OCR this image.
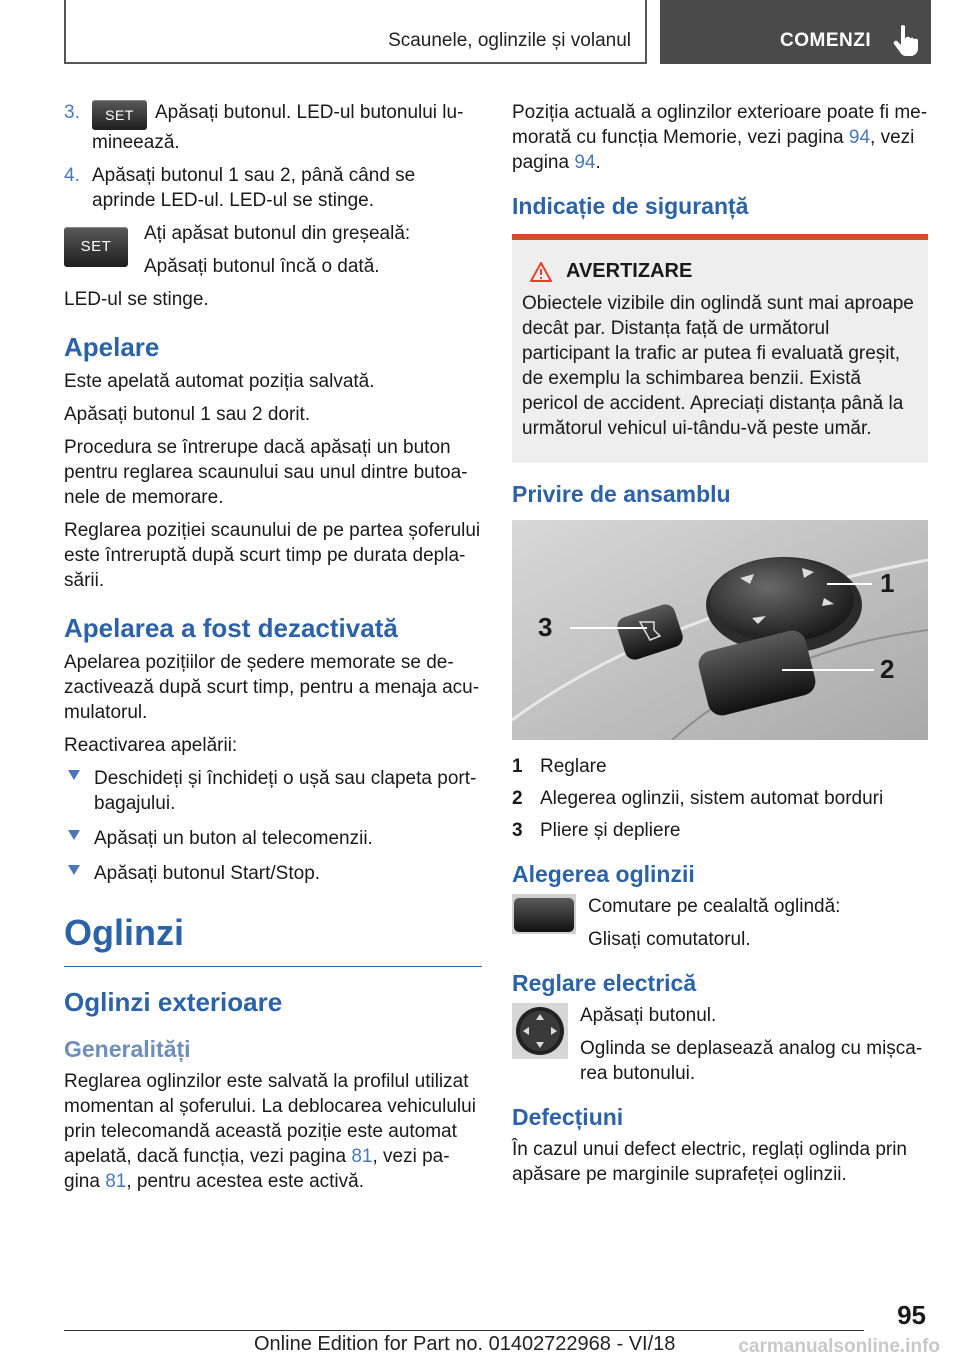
Scaunele, oglinzile și volanul	COMENZI
3. SET Apăsați butonul. LED-ul butonului lu‐mineează.
4. Apăsați butonul 1 sau 2, până când se aprinde LED-ul. LED-ul se stinge.
SET

Ați apăsat butonul din greșeală:

Apăsați butonul încă o dată.

LED-ul se stinge.

Apelare

Este apelată automat poziția salvată.

Apăsați butonul 1 sau 2 dorit.

Procedura se întrerupe dacă apăsați un buton pentru reglarea scaunului sau unul dintre butoa‐nele de memorare.

Reglarea poziției scaunului de pe partea șoferului este întreruptă după scurt timp pe durata depla‐sării.

Apelarea a fost dezactivată

Apelarea pozițiilor de ședere memorate se de‐zactivează după scurt timp, pentru a menaja acu‐mulatorul.

Reactivarea apelării:

Deschideți și închideți o ușă sau clapeta port‐bagajului.
Apăsați un buton al telecomenzii.
Apăsați butonul Start/Stop.
Oglinzi
Oglinzi exterioare
Generalități

Reglarea oglinzilor este salvată la profilul utilizat momentan al șoferului. La deblocarea vehiculului prin telecomandă această poziție este automat apelată, dacă funcția, vezi pagina 81, vezi pa‐gina 81, pentru acestea este activă.

Poziția actuală a oglinzilor exterioare poate fi me‐morată cu funcția Memorie, vezi pagina 94, vezi pagina 94.

Indicație de siguranță
AVERTIZARE

Obiectele vizibile din oglindă sunt mai aproape decât par. Distanța față de următorul participant la trafic ar putea fi evaluată greșit, de exemplu la schimbarea benzii. Există pericol de accident. Apreciați distanța până la următorul vehicul ui‐tându-vă peste umăr.

Privire de ansamblu
1
2
3
1 Reglare
2 Alegerea oglinzii, sistem automat borduri
3 Pliere și depliere
Alegerea oglinzii

Comutare pe cealaltă oglindă:

Glisați comutatorul.

Reglare electrică

Apăsați butonul.

Oglinda se deplasează analog cu mișca‐rea butonului.

Defecțiuni

În cazul unui defect electric, reglați oglinda prin apăsare pe marginile suprafeței oglinzii.

95
Online Edition for Part no. 01402722968 - VI/18	carmanualsonline.info
